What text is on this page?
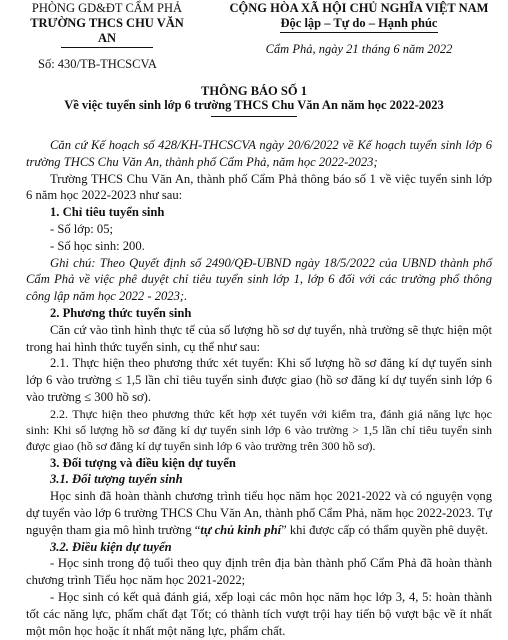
PHÒNG GD&ĐT CẨM PHẢ
TRƯỜNG THCS CHU VĂN AN
Số: 430/TB-THCSCVA
CỘNG HÒA XÃ HỘI CHỦ NGHĨA VIỆT NAM
Độc lập – Tự do – Hạnh phúc
Cẩm Phả, ngày 21 tháng 6 năm 2022
THÔNG BÁO SỐ 1
Về việc tuyển sinh lớp 6 trường THCS Chu Văn An năm học 2022-2023

Căn cứ Kế hoạch số 428/KH-THCSCVA ngày 20/6/2022 về Kế hoạch tuyển sinh lớp 6 trường THCS Chu Văn An, thành phố Cẩm Phả, năm học 2022-2023;

Trường THCS Chu Văn An, thành phố Cẩm Phả thông báo số 1 về việc tuyển sinh lớp 6 năm học 2022-2023 như sau:

1. Chỉ tiêu tuyển sinh

- Số lớp: 05;

- Số học sinh: 200.

Ghi chú: Theo Quyết định số 2490/QĐ-UBND ngày 18/5/2022 của UBND thành phố Cẩm Phả về việc phê duyệt chỉ tiêu tuyển sinh lớp 1, lớp 6 đối với các trường phổ thông công lập năm học 2022 - 2023;.

2. Phương thức tuyển sinh

Căn cứ vào tình hình thực tế của số lượng hồ sơ dự tuyển, nhà trường sẽ thực hiện một trong hai hình thức tuyển sinh, cụ thể như sau:

2.1. Thực hiện theo phương thức xét tuyển: Khi số lượng hồ sơ đăng kí dự tuyển sinh lớp 6 vào trường ≤ 1,5 lần chỉ tiêu tuyển sinh được giao (hồ sơ đăng kí dự tuyển sinh lớp 6 vào trường ≤ 300 hồ sơ).

2.2. Thực hiện theo phương thức kết hợp xét tuyển với kiểm tra, đánh giá năng lực học sinh: Khi số lượng hồ sơ đăng kí dự tuyển sinh lớp 6 vào trường > 1,5 lần chỉ tiêu tuyển sinh được giao (hồ sơ đăng kí dự tuyển sinh lớp 6 vào trường trên 300 hồ sơ).

3. Đối tượng và điều kiện dự tuyển

3.1. Đối tượng tuyển sinh

Học sinh đã hoàn thành chương trình tiểu học năm học 2021-2022 và có nguyện vọng dự tuyển vào lớp 6 trường THCS Chu Văn An, thành phố Cẩm Phả, năm học 2022-2023. Tự nguyện tham gia mô hình trường “tự chủ kinh phí” khi được cấp có thẩm quyền phê duyệt.

3.2. Điều kiện dự tuyển

- Học sinh trong độ tuổi theo quy định trên địa bàn thành phố Cẩm Phả đã hoàn thành chương trình Tiểu học năm học 2021-2022;

- Học sinh có kết quả đánh giá, xếp loại các môn học năm học lớp 3, 4, 5: hoàn thành tốt các năng lực, phẩm chất đạt Tốt; có thành tích vượt trội hay tiến bộ vượt bậc về ít nhất một môn học hoặc ít nhất một năng lực, phẩm chất.
